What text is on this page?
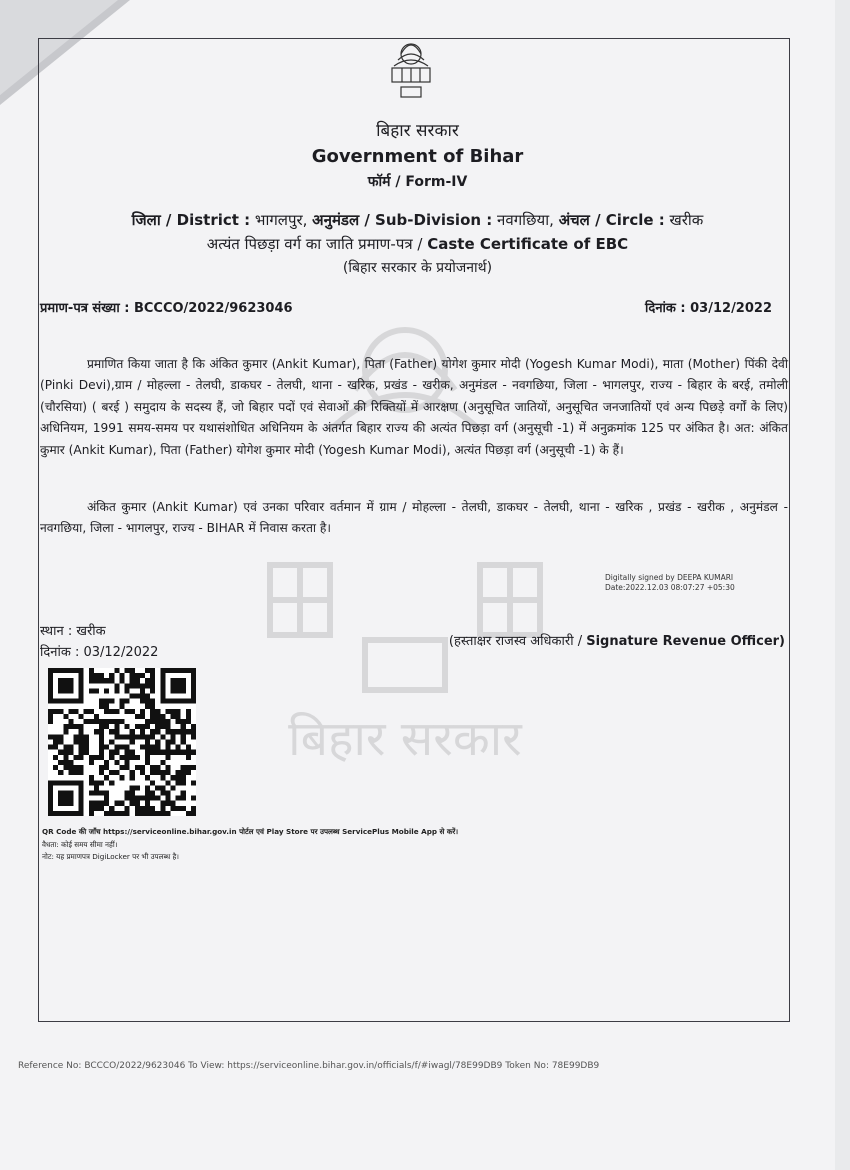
बिहार सरकार
Government of Bihar
फॉर्म / Form-IV
जिला / District : भागलपुर, अनुमंडल / Sub-Division : नवगछिया, अंचल / Circle : खरीक
अत्यंत पिछड़ा वर्ग का जाति प्रमाण-पत्र / Caste Certificate of EBC
(बिहार सरकार के प्रयोजनार्थ)
प्रमाण-पत्र संख्या : BCCCO/2022/9623046	दिनांक : 03/12/2022
बिहार सरकार
प्रमाणित किया जाता है कि अंकित कुमार (Ankit Kumar), पिता (Father) योगेश कुमार मोदी (Yogesh Kumar Modi), माता (Mother) पिंकी देवी (Pinki Devi),ग्राम / मोहल्ला - तेलघी, डाकघर - तेलघी, थाना - खरिक, प्रखंड - खरीक, अनुमंडल - नवगछिया, जिला - भागलपुर, राज्य - बिहार के बरई, तमोली (चौरसिया) ( बरई ) समुदाय के सदस्य हैं, जो बिहार पदों एवं सेवाओं की रिक्तियों में आरक्षण (अनुसूचित जातियों, अनुसूचित जनजातियों एवं अन्य पिछड़े वर्गों के लिए) अधिनियम, 1991 समय-समय पर यथासंशोधित अधिनियम के अंतर्गत बिहार राज्य की अत्यंत पिछड़ा वर्ग (अनुसूची -1) में अनुक्रमांक 125 पर अंकित है। अत: अंकित कुमार (Ankit Kumar), पिता (Father) योगेश कुमार मोदी (Yogesh Kumar Modi), अत्यंत पिछड़ा वर्ग (अनुसूची -1) के हैं।
अंकित कुमार (Ankit Kumar) एवं उनका परिवार वर्तमान में ग्राम / मोहल्ला - तेलघी, डाकघर - तेलघी, थाना - खरिक , प्रखंड - खरीक , अनुमंडल - नवगछिया, जिला - भागलपुर, राज्य - BIHAR में निवास करता है।
Digitally signed by DEEPA KUMARI
Date:2022.12.03 08:07:27 +05:30
स्थान : खरीक
दिनांक : 03/12/2022
(हस्ताक्षर राजस्व अधिकारी / Signature Revenue Officer)
QR Code की जाँच https://serviceonline.bihar.gov.in पोर्टल एवं Play Store पर उपलब्ध ServicePlus Mobile App से करें।
वैधता: कोई समय सीमा नहीं।
नोट: यह प्रमाणपत्र DigiLocker पर भी उपलब्ध है।
Reference No: BCCCO/2022/9623046 To View: https://serviceonline.bihar.gov.in/officials/f/#iwagl/78E99DB9 Token No: 78E99DB9
